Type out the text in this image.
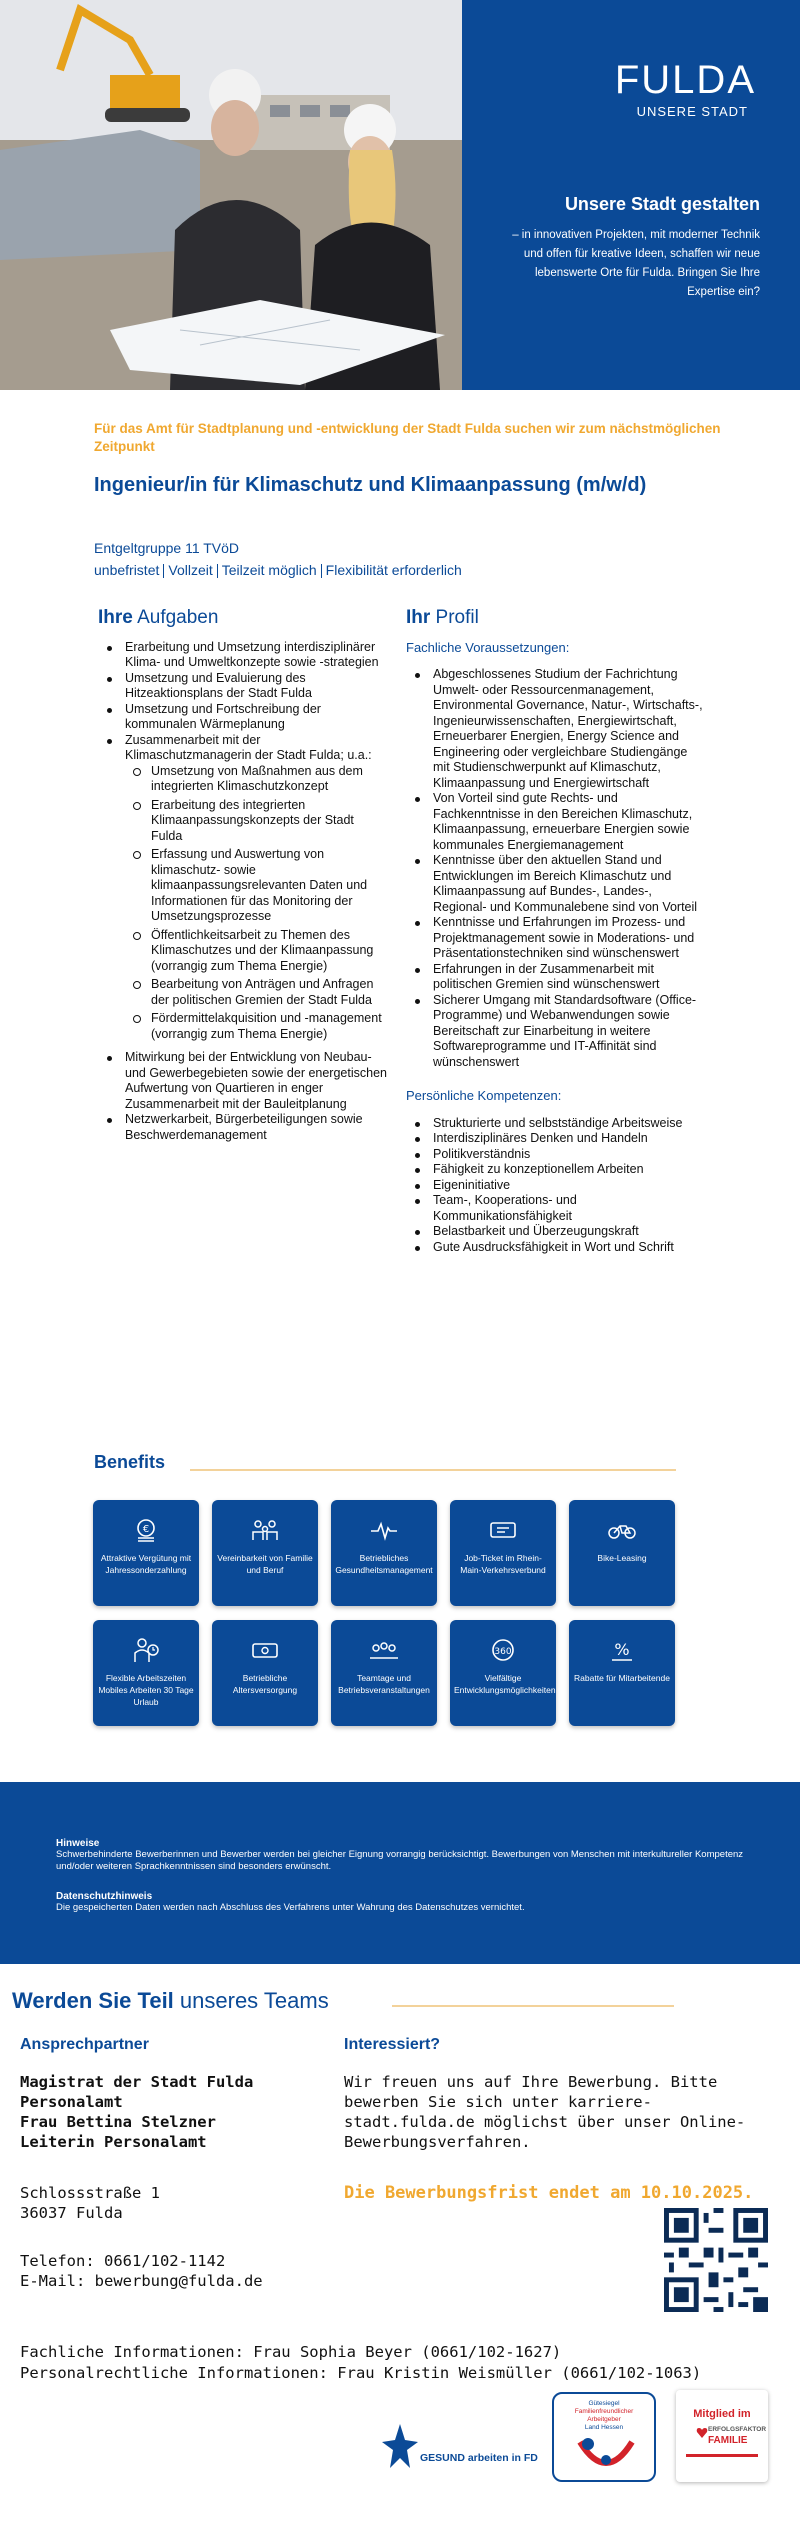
FULDA
UNSERE STADT
Unsere Stadt gestalten
– in innovativen Projekten, mit moderner Technik und offen für kreative Ideen, schaffen wir neue lebenswerte Orte für Fulda. Bringen Sie Ihre Expertise ein?
Für das Amt für Stadtplanung und -entwicklung der Stadt Fulda suchen wir zum nächstmöglichen Zeitpunkt
Ingenieur/in für Klimaschutz und Klimaanpassung (m/w/d)
Entgeltgruppe 11 TVöD
unbefristet Vollzeit Teilzeit möglich Flexibilität erforderlich
Ihre Aufgaben
Erarbeitung und Umsetzung interdisziplinärer Klima- und Umweltkonzepte sowie -strategien
Umsetzung und Evaluierung des Hitzeaktionsplans der Stadt Fulda
Umsetzung und Fortschreibung der kommunalen Wärmeplanung
Zusammenarbeit mit der Klimaschutzmanagerin der Stadt Fulda; u.a.:
Umsetzung von Maßnahmen aus dem integrierten Klimaschutzkonzept
Erarbeitung des integrierten Klimaanpassungskonzepts der Stadt Fulda
Erfassung und Auswertung von klimaschutz- sowie klimaanpassungsrelevanten Daten und Informationen für das Monitoring der Umsetzungsprozesse
Öffentlichkeitsarbeit zu Themen des Klimaschutzes und der Klimaanpassung (vorrangig zum Thema Energie)
Bearbeitung von Anträgen und Anfragen der politischen Gremien der Stadt Fulda
Fördermittelakquisition und -management (vorrangig zum Thema Energie)
Mitwirkung bei der Entwicklung von Neubau- und Gewerbegebieten sowie der energetischen Aufwertung von Quartieren in enger Zusammenarbeit mit der Bauleitplanung
Netzwerkarbeit, Bürgerbeteiligungen sowie Beschwerdemanagement
Ihr Profil
Fachliche Voraussetzungen:
Abgeschlossenes Studium der Fachrichtung Umwelt- oder Ressourcenmanagement, Environmental Governance, Natur-, Wirtschafts-, Ingenieurwissenschaften, Energiewirtschaft, Erneuerbarer Energien, Energy Science and Engineering oder vergleichbare Studiengänge mit Studienschwerpunkt auf Klimaschutz, Klimaanpassung und Energiewirtschaft
Von Vorteil sind gute Rechts- und Fachkenntnisse in den Bereichen Klimaschutz, Klimaanpassung, erneuerbare Energien sowie kommunales Energiemanagement
Kenntnisse über den aktuellen Stand und Entwicklungen im Bereich Klimaschutz und Klimaanpassung auf Bundes-, Landes-, Regional- und Kommunalebene sind von Vorteil
Kenntnisse und Erfahrungen im Prozess- und Projektmanagement sowie in Moderations- und Präsentationstechniken sind wünschenswert
Erfahrungen in der Zusammenarbeit mit politischen Gremien sind wünschenswert
Sicherer Umgang mit Standardsoftware (Office-Programme) und Webanwendungen sowie Bereitschaft zur Einarbeitung in weitere Softwareprogramme und IT-Affinität sind wünschenswert
Persönliche Kompetenzen:
Strukturierte und selbstständige Arbeitsweise
Interdisziplinäres Denken und Handeln
Politikverständnis
Fähigkeit zu konzeptionellem Arbeiten
Eigeninitiative
Team-, Kooperations- und Kommunikationsfähigkeit
Belastbarkeit und Überzeugungskraft
Gute Ausdrucksfähigkeit in Wort und Schrift
Benefits
€
Attraktive Vergütung mit Jahressonderzahlung
Vereinbarkeit von Familie und Beruf
Betriebliches Gesundheitsmanagement
Job-Ticket im Rhein-Main-Verkehrsverbund
Bike-Leasing
Flexible Arbeitszeiten Mobiles Arbeiten 30 Tage Urlaub
Betriebliche Altersversorgung
Teamtage und Betriebsveranstaltungen
360
Vielfältige Entwicklungsmöglichkeiten
%
Rabatte für Mitarbeitende
Hinweise

Schwerbehinderte Bewerberinnen und Bewerber werden bei gleicher Eignung vorrangig berücksichtigt. Bewerbungen von Menschen mit interkultureller Kompetenz und/oder weiteren Sprachkenntnissen sind besonders erwünscht.

Datenschutzhinweis

Die gespeicherten Daten werden nach Abschluss des Verfahrens unter Wahrung des Datenschutzes vernichtet.

Werden Sie Teil unseres Teams
Ansprechpartner	Interessiert?
Magistrat der Stadt Fulda
Personalamt
Frau Bettina Stelzner
Leiterin Personalamt
Schlossstraße 1
36037 Fulda
Telefon: 0661/102-1142
E-Mail: bewerbung@fulda.de
Wir freuen uns auf Ihre Bewerbung. Bitte bewerben Sie sich unter karriere-stadt.fulda.de möglichst über unser Online-Bewerbungsverfahren.
Die Bewerbungsfrist endet am 10.10.2025.
Fachliche Informationen: Frau Sophia Beyer (0661/102-1627)
Personalrechtliche Informationen: Frau Kristin Weismüller (0661/102-1063)
GESUND arbeiten in FD
Gütesiegel
Familienfreundlicher
Arbeitgeber
Land Hessen
Mitglied im
ERFOLGSFAKTOR
FAMILIE
